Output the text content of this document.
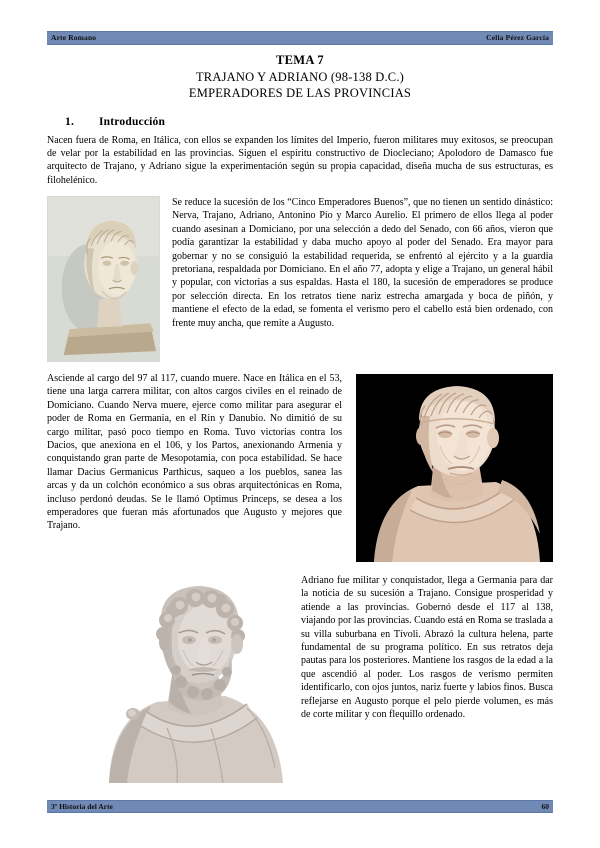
Arte Romano	Celia Pérez García
TEMA 7
TRAJANO Y ADRIANO (98-138 D.C.)
EMPERADORES DE LAS PROVINCIAS
1. Introducción

Nacen fuera de Roma, en Itálica, con ellos se expanden los límites del Imperio, fueron militares muy exitosos, se preocupan de velar por la estabilidad en las provincias. Siguen el espíritu constructivo de Diocleciano; Apolodoro de Damasco fue arquitecto de Trajano, y Adriano sigue la experimentación según su propia capacidad, diseña mucha de sus estructuras, es filohelénico.

Se reduce la sucesión de los “Cinco Emperadores Buenos”, que no tienen un sentido dinástico: Nerva, Trajano, Adriano, Antonino Pío y Marco Aurelio. El primero de ellos llega al poder cuando asesinan a Domiciano, por una selección a dedo del Senado, con 66 años, vieron que podía garantizar la estabilidad y daba mucho apoyo al poder del Senado. Era mayor para gobernar y no se consiguió la estabilidad requerida, se enfrentó al ejército y a la guardia pretoriana, respaldada por Domiciano. En el año 77, adopta y elige a Trajano, un general hábil y popular, con victorias a sus espaldas. Hasta el 180, la sucesión de emperadores se produce por selección directa. En los retratos tiene nariz estrecha amargada y boca de piñón, y mantiene el efecto de la edad, se fomenta el verismo pero el cabello está bien ordenado, con frente muy ancha, que remite a Augusto.

Asciende al cargo del 97 al 117, cuando muere. Nace en Itálica en el 53, tiene una larga carrera militar, con altos cargos civiles en el reinado de Domiciano. Cuando Nerva muere, ejerce como militar para asegurar el poder de Roma en Germania, en el Rin y Danubio. No dimitió de su cargo militar, pasó poco tiempo en Roma. Tuvo victorias contra los Dacios, que anexiona en el 106, y los Partos, anexionando Armenia y conquistando gran parte de Mesopotamia, con poca estabilidad. Se hace llamar Dacius Germanicus Parthicus, saqueo a los pueblos, sanea las arcas y da un colchón económico a sus obras arquitectónicas en Roma, incluso perdonó deudas. Se le llamó Optimus Princeps, se desea a los emperadores que fueran más afortunados que Augusto y mejores que Trajano.

Adriano fue militar y conquistador, llega a Germania para dar la noticia de su sucesión a Trajano. Consigue prosperidad y atiende a las provincias. Gobernó desde el 117 al 138, viajando por las provincias. Cuando está en Roma se traslada a su villa suburbana en Tívoli. Abrazó la cultura helena, parte fundamental de su programa político. En sus retratos deja pautas para los posteriores. Mantiene los rasgos de la edad a la que ascendió al poder. Los rasgos de verismo permiten identificarlo, con ojos juntos, nariz fuerte y labios finos. Busca reflejarse en Augusto porque el pelo pierde volumen, es más de corte militar y con flequillo ordenado.

3º Historia del Arte	60
